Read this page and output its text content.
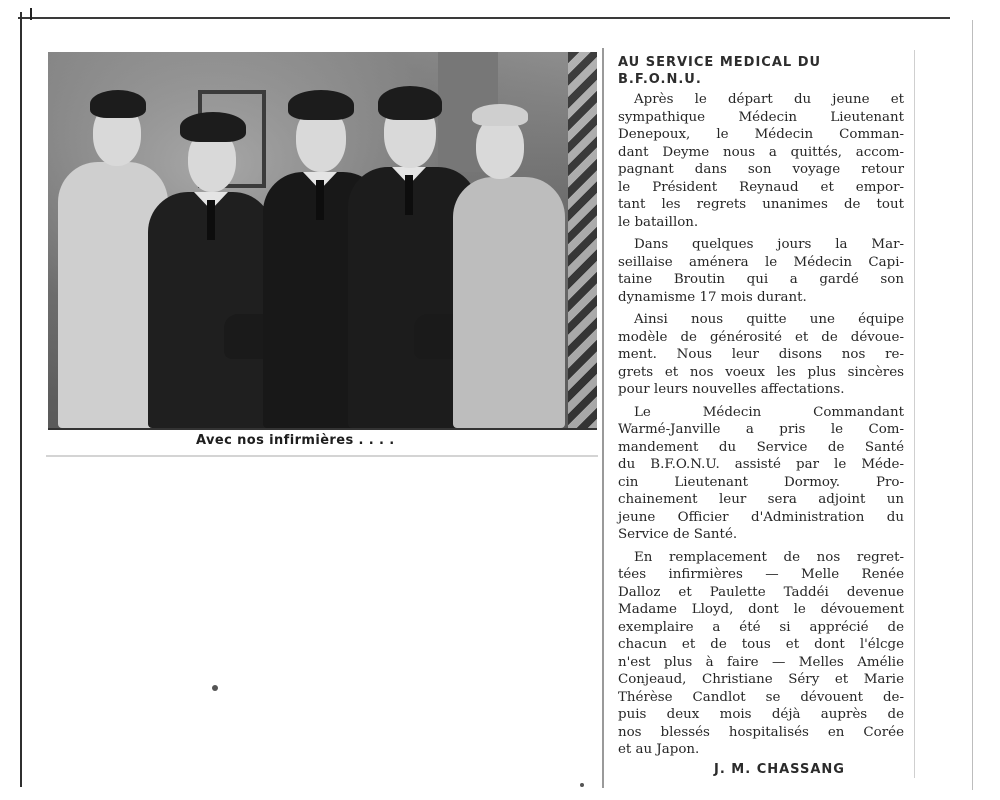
Avec nos infirmières . . . .
AU SERVICE MEDICAL DU
B.F.O.N.U.
Après le départ du jeune et
sympathique Médecin Lieutenant
Denepoux, le Médecin Comman-
dant Deyme nous a quittés, accom-
pagnant dans son voyage retour
le Président Reynaud et empor-
tant les regrets unanimes de tout
le bataillon.
Dans quelques jours la Mar-
seillaise aménera le Médecin Capi-
taine Broutin qui a gardé son
dynamisme 17 mois durant.
Ainsi nous quitte une équipe
modèle de générosité et de dévoue-
ment. Nous leur disons nos re-
grets et nos voeux les plus sincères
pour leurs nouvelles affectations.
Le Médecin Commandant
Warmé-Janville a pris le Com-
mandement du Service de Santé
du B.F.O.N.U. assisté par le Méde-
cin Lieutenant Dormoy. Pro-
chainement leur sera adjoint un
jeune Officier d'Administration du
Service de Santé.
En remplacement de nos regret-
tées infirmières — Melle Renée
Dalloz et Paulette Taddéi devenue
Madame Lloyd, dont le dévouement
exemplaire a été si apprécié de
chacun et de tous et dont l'élcge
n'est plus à faire — Melles Amélie
Conjeaud, Christiane Séry et Marie
Thérèse Candlot se dévouent de-
puis deux mois déjà auprès de
nos blessés hospitalisés en Corée
et au Japon.
J. M. CHASSANG
